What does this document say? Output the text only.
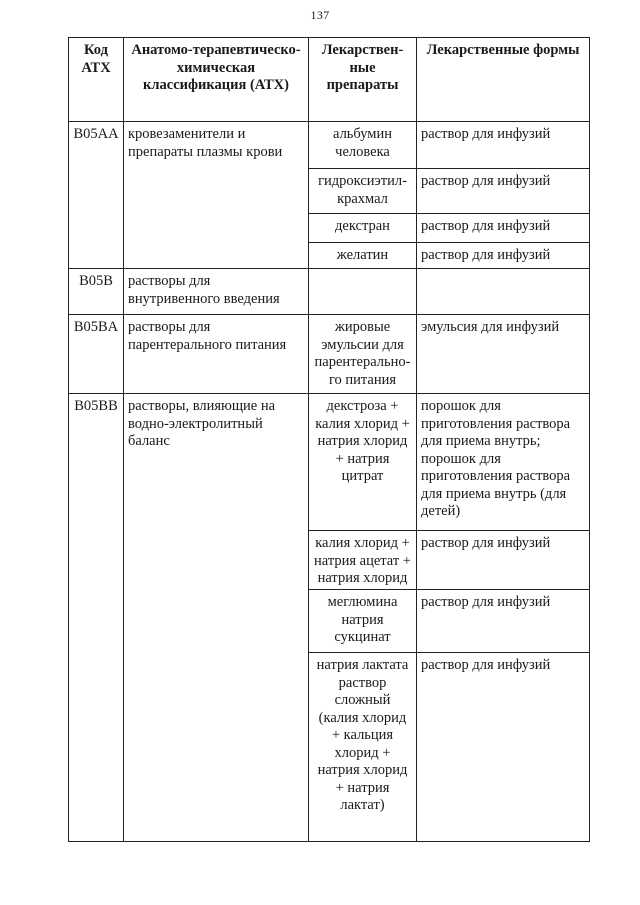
137
Код АТХ	Анатомо-терапевтическо-химическая классификация (АТХ)	Лекарствен-ные препараты	Лекарственные формы
B05AA	кровезаменители и препараты плазмы крови	альбумин человека	раствор для инфузий
		гидроксиэтил-крахмал	раствор для инфузий
		декстран	раствор для инфузий
		желатин	раствор для инфузий
B05B	растворы для внутривенного введения		
B05BA	растворы для парентерального питания	жировые эмульсии для парентерально-го питания	эмульсия для инфузий
B05BB	растворы, влияющие на водно-электролитный баланс	декстроза + калия хлорид + натрия хлорид + натрия цитрат	порошок для приготовления раствора для приема внутрь; порошок для приготовления раствора для приема внутрь (для детей)
		калия хлорид + натрия ацетат + натрия хлорид	раствор для инфузий
		меглюмина натрия сукцинат	раствор для инфузий
		натрия лактата раствор сложный (калия хлорид + кальция хлорид + натрия хлорид + натрия лактат)	раствор для инфузий
